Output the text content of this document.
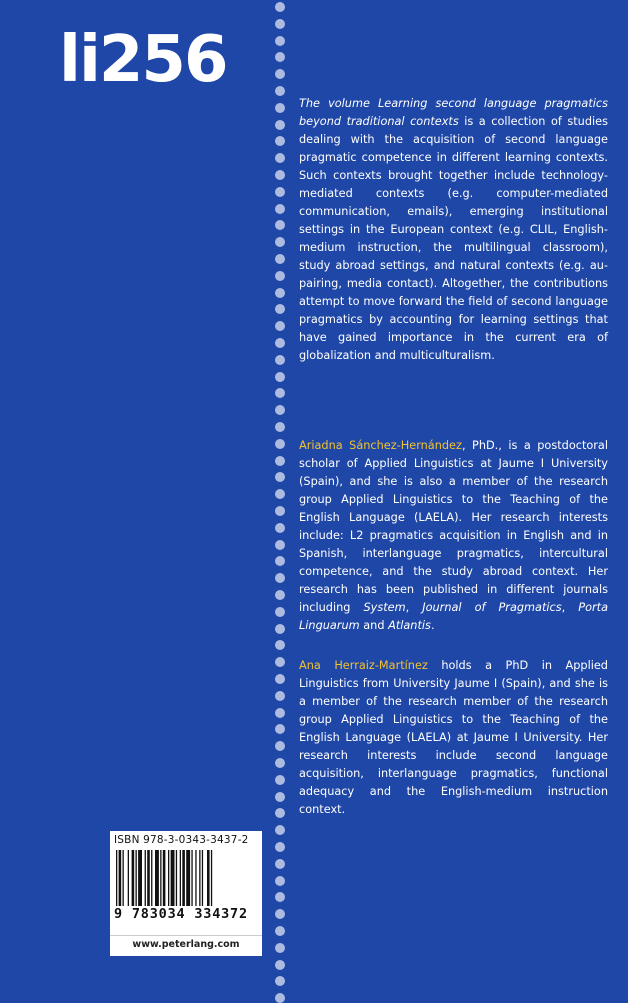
li256

The volume Learning second language pragmatics beyond traditional contexts is a collection of studies dealing with the acquisition of second language pragmatic competence in different learning contexts. Such contexts brought together include technology-mediated contexts (e.g. computer-mediated communication, emails), emerging institutional settings in the European context (e.g. CLIL, English-medium instruction, the multilingual classroom), study abroad settings, and natural contexts (e.g. au-pairing, media contact). Altogether, the contributions attempt to move forward the field of second language pragmatics by accounting for learning settings that have gained importance in the current era of globalization and multiculturalism.

Ariadna Sánchez-Hernández, PhD., is a postdoctoral scholar of Applied Linguistics at Jaume I University (Spain), and she is also a member of the research group Applied Linguistics to the Teaching of the English Language (LAELA). Her research interests include: L2 pragmatics acquisition in English and in Spanish, interlanguage pragmatics, intercultural competence, and the study abroad context. Her research has been published in different journals including System, Journal of Pragmatics, Porta Linguarum and Atlantis.

Ana Herraiz-Martínez holds a PhD in Applied Linguistics from University Jaume I (Spain), and she is a member of the research member of the research group Applied Linguistics to the Teaching of the English Language (LAELA) at Jaume I University. Her research interests include second language acquisition, interlanguage pragmatics, functional adequacy and the English-medium instruction context.

ISBN 978-3-0343-3437-2
9 783034 334372
www.peterlang.com
